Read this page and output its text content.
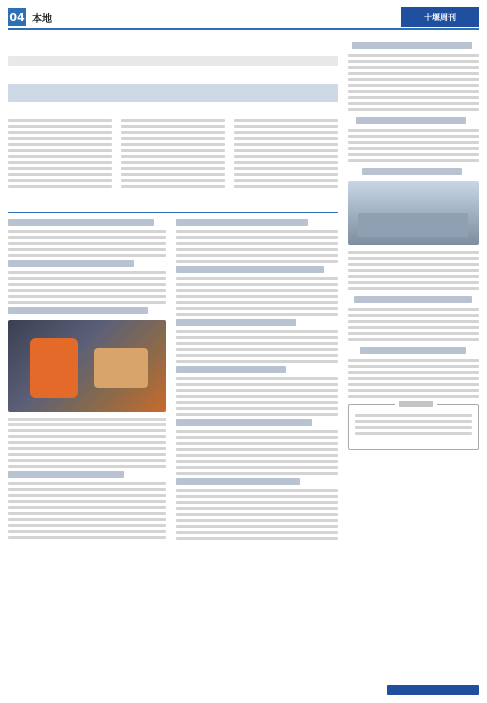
04 本地	十堰周刊
